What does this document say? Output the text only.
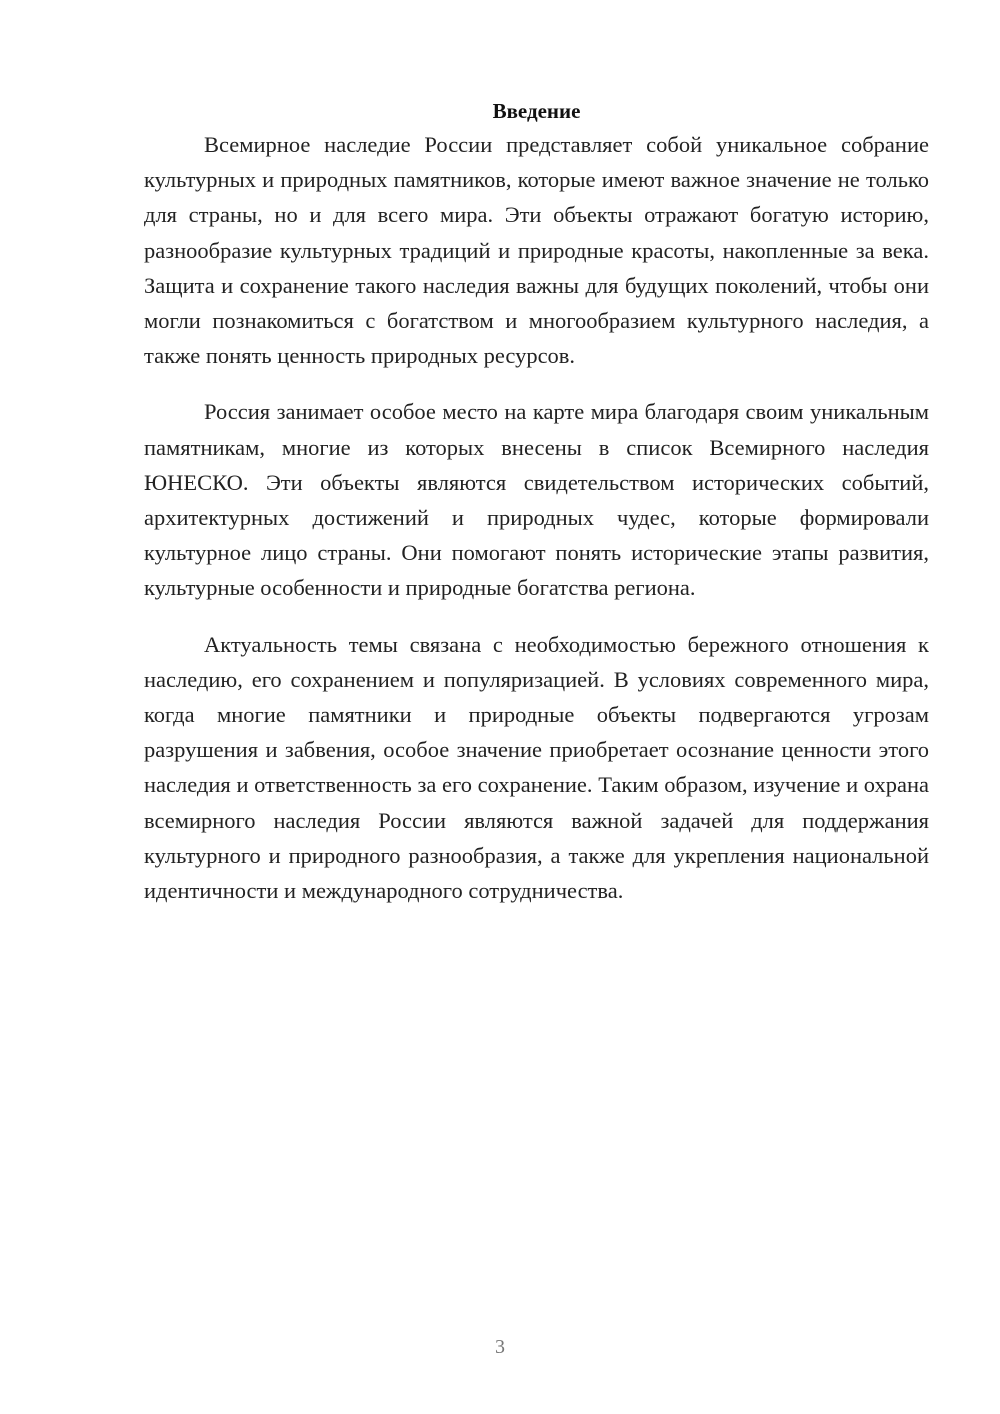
Введение

Всемирное наследие России представляет собой уникальное собрание культурных и природных памятников, которые имеют важное значение не только для страны, но и для всего мира. Эти объекты отражают богатую историю, разнообразие культурных традиций и природные красоты, накопленные за века. Защита и сохранение такого наследия важны для будущих поколений, чтобы они могли познакомиться с богатством и многообразием культурного наследия, а также понять ценность природных ресурсов.

Россия занимает особое место на карте мира благодаря своим уникальным памятникам, многие из которых внесены в список Всемирного наследия ЮНЕСКО. Эти объекты являются свидетельством исторических событий, архитектурных достижений и природных чудес, которые формировали культурное лицо страны. Они помогают понять исторические этапы развития, культурные особенности и природные богатства региона.

Актуальность темы связана с необходимостью бережного отношения к наследию, его сохранением и популяризацией. В условиях современного мира, когда многие памятники и природные объекты подвергаются угрозам разрушения и забвения, особое значение приобретает осознание ценности этого наследия и ответственность за его сохранение. Таким образом, изучение и охрана всемирного наследия России являются важной задачей для поддержания культурного и природного разнообразия, а также для укрепления национальной идентичности и международного сотрудничества.

3
